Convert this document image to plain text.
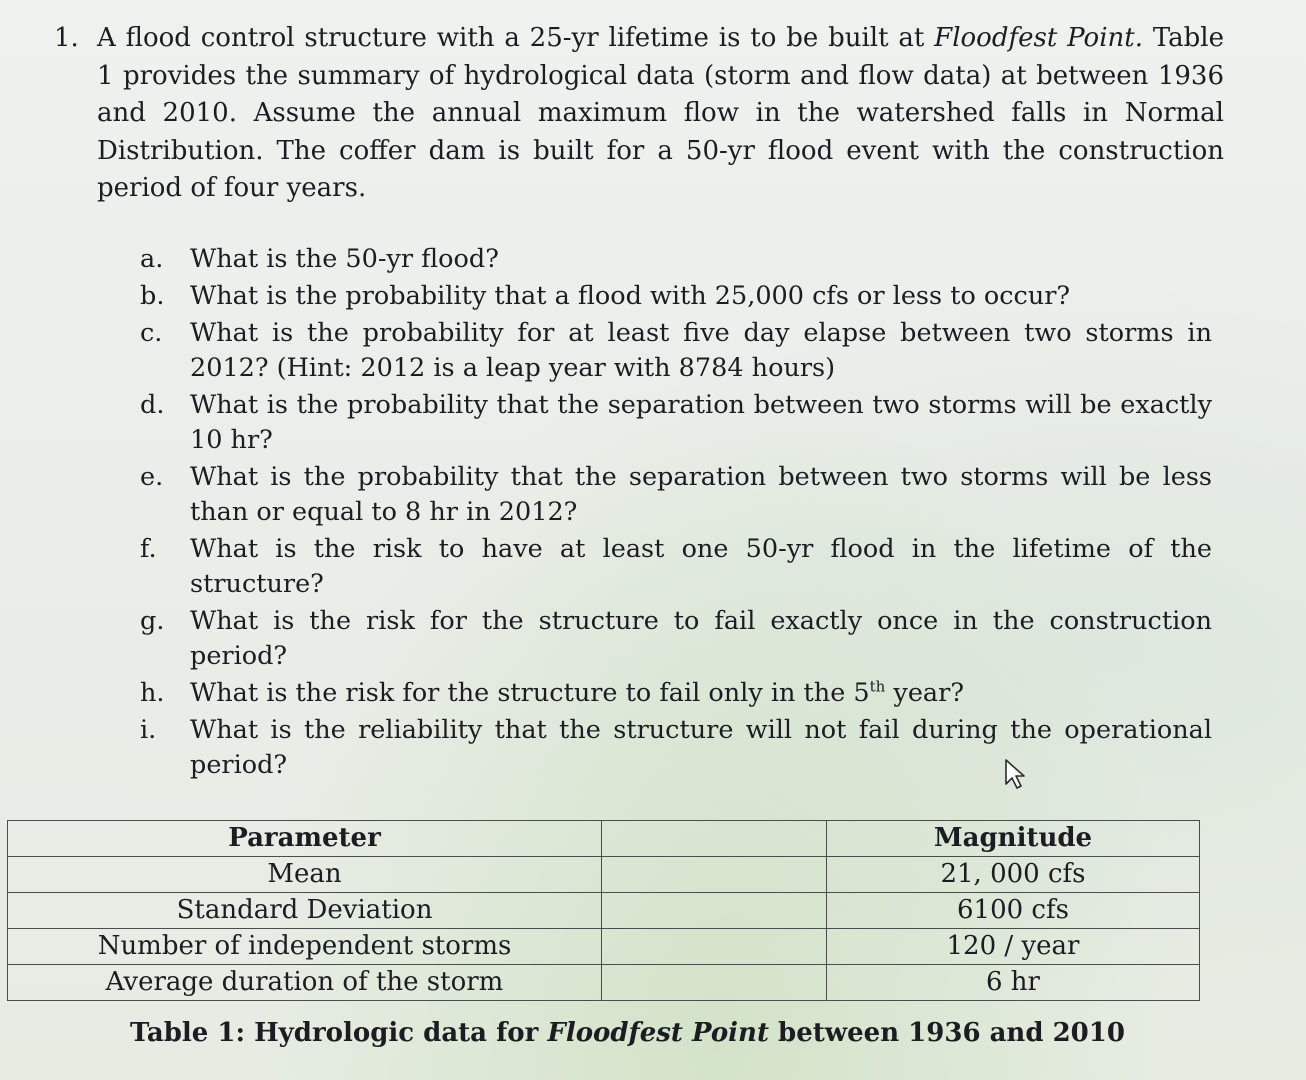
1. A flood control structure with a 25-yr lifetime is to be built at Floodfest Point. Table 1 provides the summary of hydrological data (storm and flow data) at between 1936 and 2010. Assume the annual maximum flow in the watershed falls in Normal Distribution. The coffer dam is built for a 50-yr flood event with the construction period of four years.
a. What is the 50-yr flood?
b. What is the probability that a flood with 25,000 cfs or less to occur?
c. What is the probability for at least five day elapse between two storms in 2012? (Hint: 2012 is a leap year with 8784 hours)
d. What is the probability that the separation between two storms will be exactly 10 hr?
e. What is the probability that the separation between two storms will be less than or equal to 8 hr in 2012?
f. What is the risk to have at least one 50-yr flood in the lifetime of the structure?
g. What is the risk for the structure to fail exactly once in the construction period?
h. What is the risk for the structure to fail only in the 5th year?
i. What is the reliability that the structure will not fail during the operational period?
Parameter		Magnitude
Mean		21, 000 cfs
Standard Deviation		6100 cfs
Number of independent storms		120 / year
Average duration of the storm		6 hr
Table 1: Hydrologic data for Floodfest Point between 1936 and 2010
